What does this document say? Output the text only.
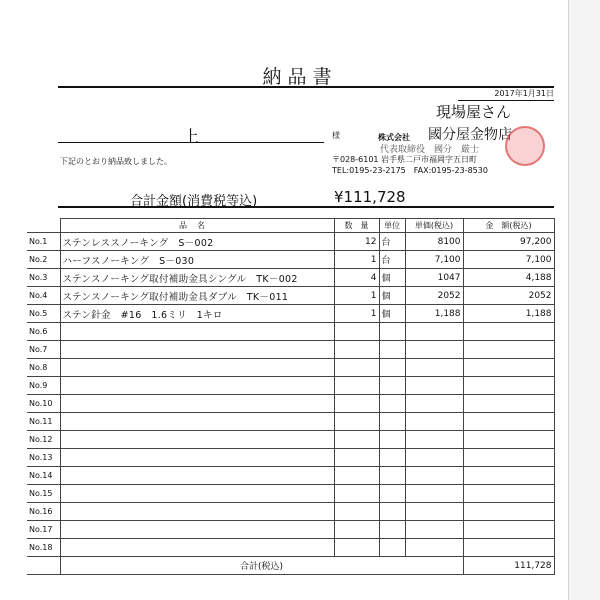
納品書
2017年1月31日
現場屋さん
上	様	株式会社 國分屋金物店
代表取締役　國分　厳士
〒028-6101 岩手県二戸市福岡字五日町
TEL:0195-23-2175　FAX:0195-23-8530
下記のとおり納品致しました。
合計金額(消費税等込)	¥111,728
	品名	数　量	単位	単価(税込)	金　額(税込)
No.1	ステンレススノーキング　S－002	12	台	8100	97,200
No.2	ハーフスノーキング　S－030	1	台	7,100	7,100
No.3	ステンスノーキング取付補助金具シングル　TK－002	4	個	1047	4,188
No.4	ステンスノーキング取付補助金具ダブル　TK－011	1	個	2052	2052
No.5	ステン針金　#16　1.6ミリ　1キロ	1	個	1,188	1,188
No.6					
No.7					
No.8					
No.9					
No.10					
No.11					
No.12					
No.13					
No.14					
No.15					
No.16					
No.17					
No.18					
	合計(税込)				111,728
